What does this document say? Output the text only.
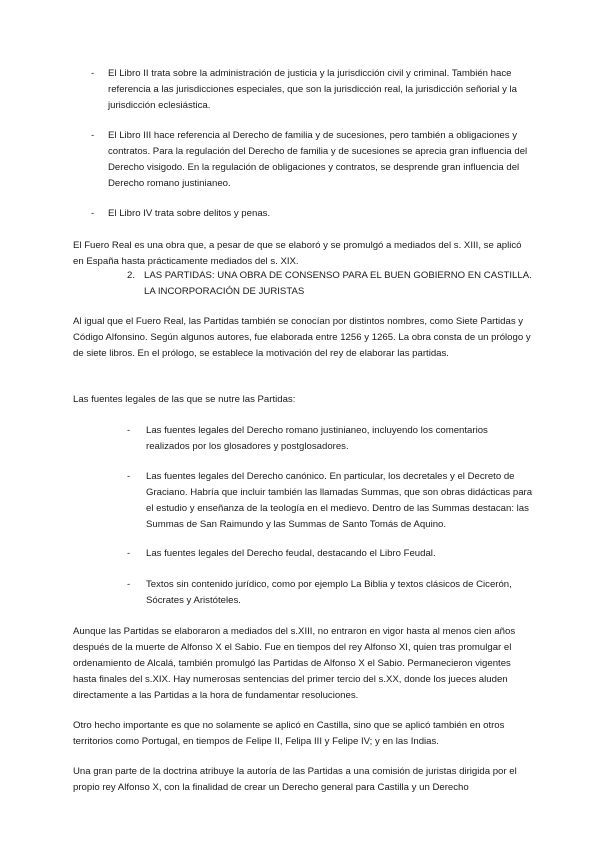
- El Libro II trata sobre la administración de justicia y la jurisdicción civil y criminal. También hace referencia a las jurisdicciones especiales, que son la jurisdicción real, la jurisdicción señorial y la jurisdicción eclesiástica.

- El Libro III hace referencia al Derecho de familia y de sucesiones, pero también a obligaciones y contratos. Para la regulación del Derecho de familia y de sucesiones se aprecia gran influencia del Derecho visigodo. En la regulación de obligaciones y contratos, se desprende gran influencia del Derecho romano justinianeo.

- El Libro IV trata sobre delitos y penas.

El Fuero Real es una obra que, a pesar de que se elaboró y se promulgó a mediados del s. XIII, se aplicó en España hasta prácticamente mediados del s. XIX.

2. LAS PARTIDAS: UNA OBRA DE CONSENSO PARA EL BUEN GOBIERNO EN CASTILLA. LA INCORPORACIÓN DE JURISTAS

Al igual que el Fuero Real, las Partidas también se conocían por distintos nombres, como Siete Partidas y Código Alfonsino. Según algunos autores, fue elaborada entre 1256 y 1265. La obra consta de un prólogo y de siete libros. En el prólogo, se establece la motivación del rey de elaborar las partidas.

Las fuentes legales de las que se nutre las Partidas:

- Las fuentes legales del Derecho romano justinianeo, incluyendo los comentarios realizados por los glosadores y postglosadores.

- Las fuentes legales del Derecho canónico. En particular, los decretales y el Decreto de Graciano. Habría que incluir también las llamadas Summas, que son obras didácticas para el estudio y enseñanza de la teología en el medievo. Dentro de las Summas destacan: las Summas de San Raimundo y las Summas de Santo Tomás de Aquino.

- Las fuentes legales del Derecho feudal, destacando el Libro Feudal.

- Textos sin contenido jurídico, como por ejemplo La Biblia y textos clásicos de Cicerón, Sócrates y Aristóteles.

Aunque las Partidas se elaboraron a mediados del s.XIII, no entraron en vigor hasta al menos cien años después de la muerte de Alfonso X el Sabio. Fue en tiempos del rey Alfonso XI, quien tras promulgar el ordenamiento de Alcalá, también promulgó las Partidas de Alfonso X el Sabio. Permanecieron vigentes hasta finales del s.XIX. Hay numerosas sentencias del primer tercio del s.XX, donde los jueces aluden directamente a las Partidas a la hora de fundamentar resoluciones.

Otro hecho importante es que no solamente se aplicó en Castilla, sino que se aplicó también en otros territorios como Portugal, en tiempos de Felipe II, Felipa III y Felipe IV; y en las Indias.

Una gran parte de la doctrina atribuye la autoría de las Partidas a una comisión de juristas dirigida por el propio rey Alfonso X, con la finalidad de crear un Derecho general para Castilla y un Derecho
